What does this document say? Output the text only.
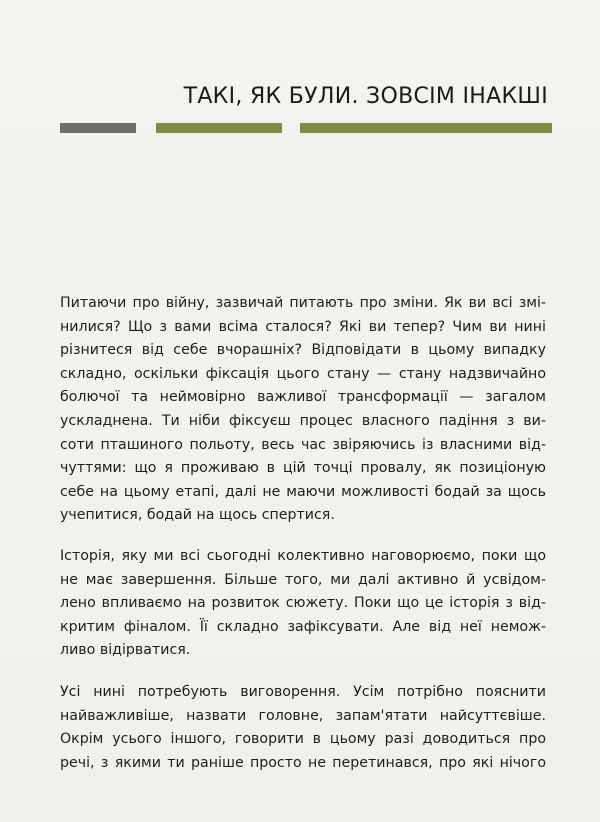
ТАКІ, ЯК БУЛИ. ЗОВСІМ ІНАКШІ
Питаючи про війну, зазвичай питають про зміни. Як ви всі змі-
нилися? Що з вами всіма сталося? Які ви тепер? Чим ви нині
різнитеся від себе вчорашніх? Відповідати в цьому випадку
складно, оскільки фіксація цього стану — стану надзвичайно
болючої та неймовірно важливої трансформації — загалом
ускладнена. Ти ніби фіксуєш процес власного падіння з ви-
соти пташиного польоту, весь час звіряючись із власними від-
чуттями: що я проживаю в цій точці провалу, як позиціоную
себе на цьому етапі, далі не маючи можливості бодай за щось
учепитися, бодай на щось спертися.
Історія, яку ми всі сьогодні колективно наговорюємо, поки що
не має завершення. Більше того, ми далі активно й усвідом-
лено впливаємо на розвиток сюжету. Поки що це історія з від-
критим фіналом. Її складно зафіксувати. Але від неї немож-
ливо відірватися.
Усі нині потребують виговорення. Усім потрібно пояснити
найважливіше, назвати головне, запам'ятати найсуттєвіше.
Окрім усього іншого, говорити в цьому разі доводиться про
речі, з якими ти раніше просто не перетинався, про які нічого
